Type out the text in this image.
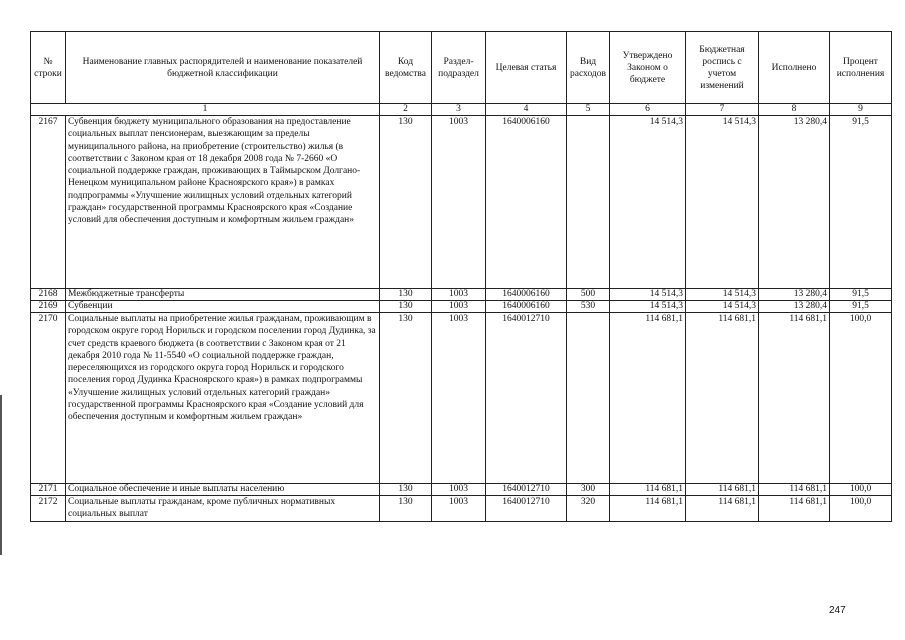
№ строки	Наименование главных распорядителей и наименование показателей бюджетной классификации	Код ведомства	Раздел-подраздел	Целевая статья	Вид расходов	Утверждено Законом о бюджете	Бюджетная роспись с учетом изменений	Исполнено	Процент исполнения
1		2	3	4	5	6	7	8	9
2167	Субвенция бюджету муниципального образования на предоставление социальных выплат пенсионерам, выезжающим за пределы муниципального района, на приобретение (строительство) жилья (в соответствии с Законом края от 18 декабря 2008 года № 7-2660 «О социальной поддержке граждан, проживающих в Таймырском Долгано-Ненецком муниципальном районе Красноярского края») в рамках подпрограммы «Улучшение жилищных условий отдельных категорий граждан» государственной программы Красноярского края «Создание условий для обеспечения доступным и комфортным жильем граждан»	130	1003	1640006160		14 514,3	14 514,3	13 280,4	91,5
2168	Межбюджетные трансферты	130	1003	1640006160	500	14 514,3	14 514,3	13 280,4	91,5
2169	Субвенции	130	1003	1640006160	530	14 514,3	14 514,3	13 280,4	91,5
2170	Социальные выплаты на приобретение жилья гражданам, проживающим в городском округе город Норильск и городском поселении город Дудинка, за счет средств краевого бюджета (в соответствии с Законом края от 21 декабря 2010 года № 11-5540 «О социальной поддержке граждан, переселяющихся из городского округа город Норильск и городского поселения город Дудинка Красноярского края») в рамках подпрограммы «Улучшение жилищных условий отдельных категорий граждан» государственной программы Красноярского края «Создание условий для обеспечения доступным и комфортным жильем граждан»	130	1003	1640012710		114 681,1	114 681,1	114 681,1	100,0
2171	Социальное обеспечение и иные выплаты населению	130	1003	1640012710	300	114 681,1	114 681,1	114 681,1	100,0
2172	Социальные выплаты гражданам, кроме публичных нормативных социальных выплат	130	1003	1640012710	320	114 681,1	114 681,1	114 681,1	100,0
247
